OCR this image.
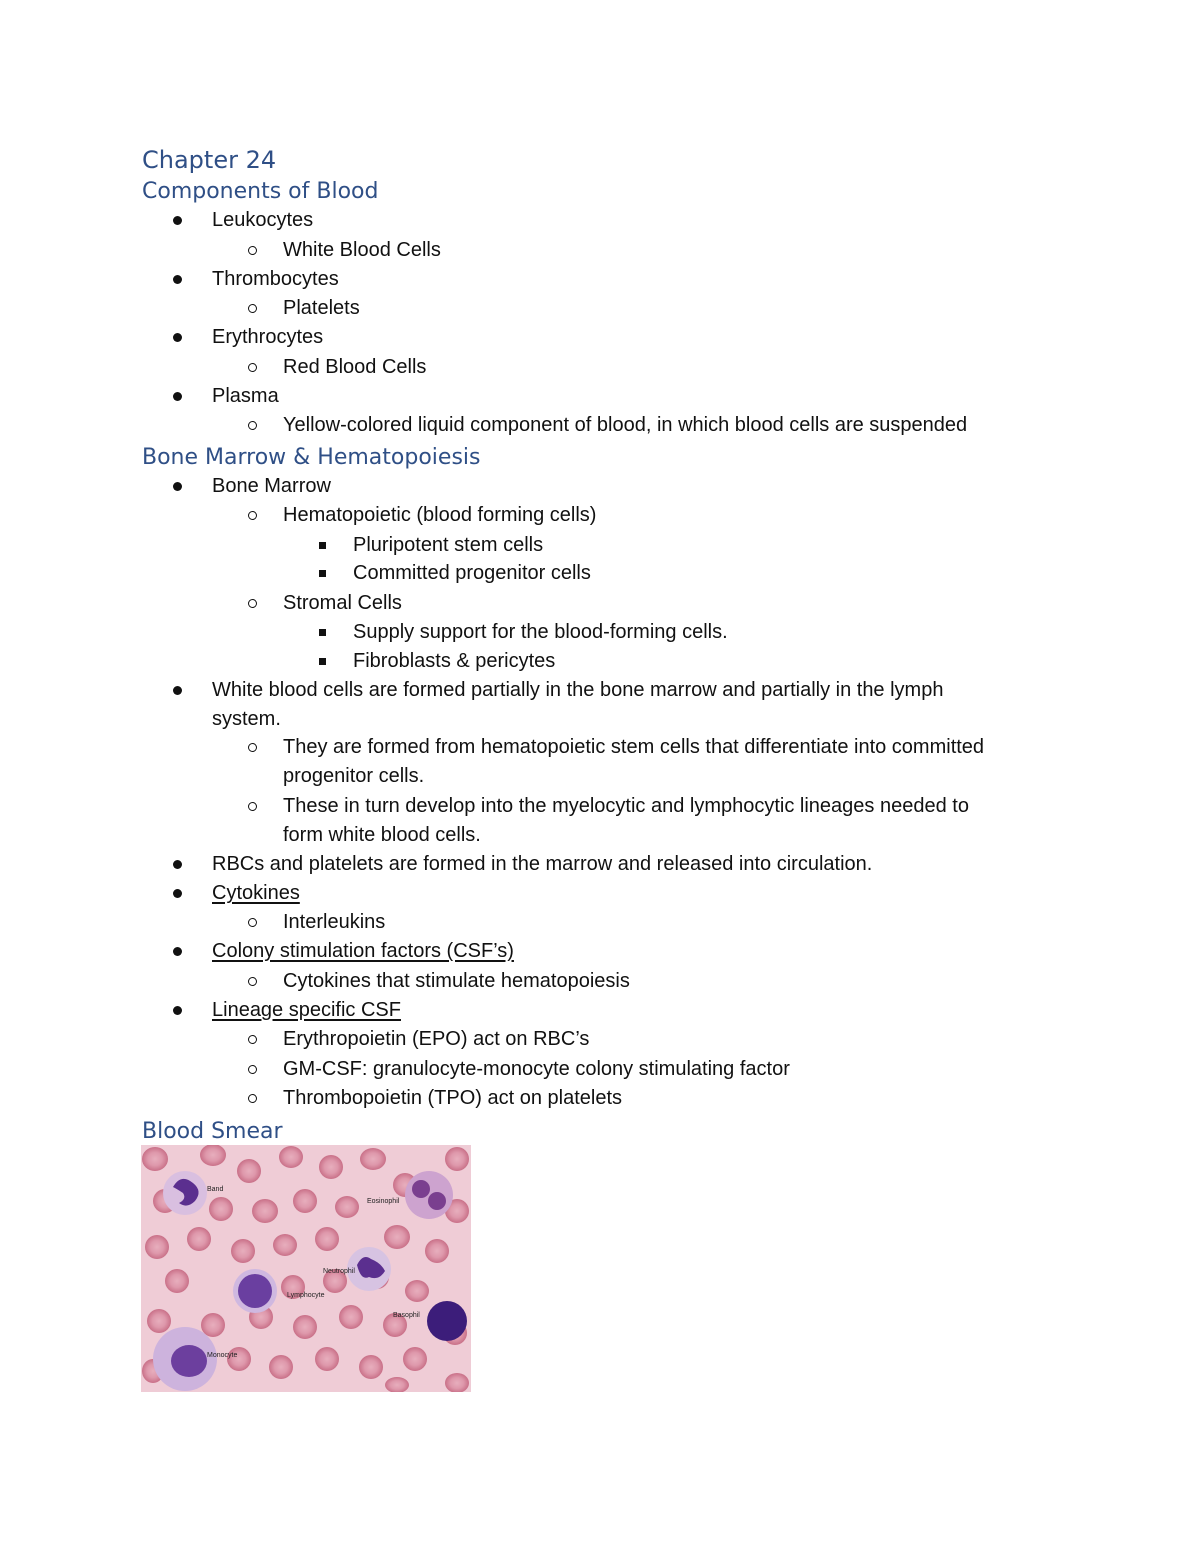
Chapter 24
Components of Blood

Leukocytes

White Blood Cells

Thrombocytes

Platelets

Erythrocytes

Red Blood Cells

Plasma

Yellow-colored liquid component of blood, in which blood cells are suspended

Bone Marrow & Hematopoiesis

Bone Marrow

Hematopoietic (blood forming cells)

Pluripotent stem cells

Committed progenitor cells

Stromal Cells

Supply support for the blood-forming cells.

Fibroblasts & pericytes

White blood cells are formed partially in the bone marrow and partially in the lymph

system.

They are formed from hematopoietic stem cells that differentiate into committed

progenitor cells.

These in turn develop into the myelocytic and lymphocytic lineages needed to

form white blood cells.

RBCs and platelets are formed in the marrow and released into circulation.

Cytokines

Interleukins

Colony stimulation factors (CSF’s)

Cytokines that stimulate hematopoiesis

Lineage specific CSF

Erythropoietin (EPO) act on RBC’s

GM-CSF: granulocyte-monocyte colony stimulating factor

Thrombopoietin (TPO) act on platelets

Blood Smear
Band
Eosinophil
Neutrophil
Lymphocyte
Basophil
Monocyte
